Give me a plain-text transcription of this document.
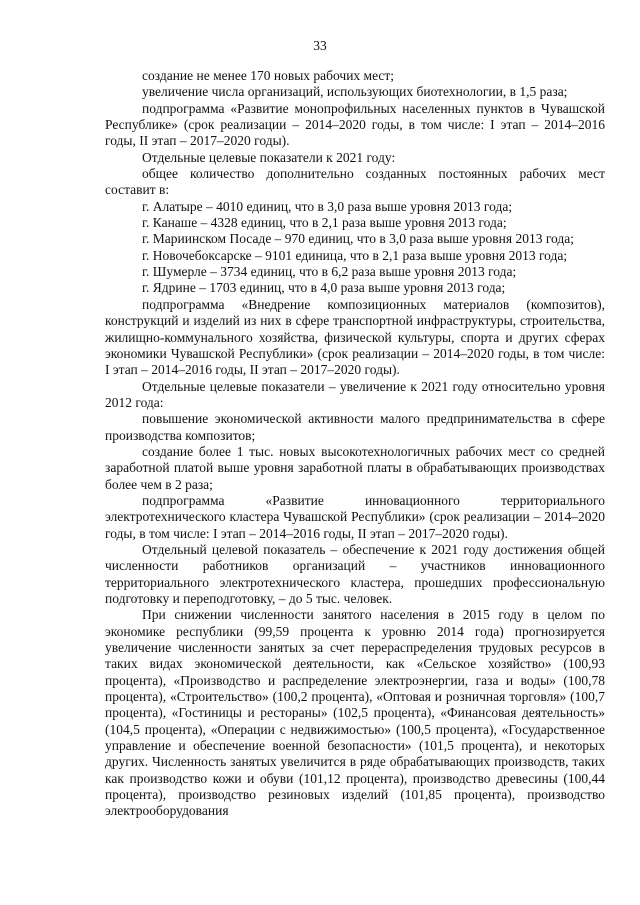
33

создание не менее 170 новых рабочих мест;

увеличение числа организаций, использующих биотехнологии, в 1,5 раза;

подпрограмма «Развитие монопрофильных населенных пунктов в Чувашской Республике» (срок реализации – 2014–2020 годы, в том числе: I этап – 2014–2016 годы, II этап – 2017–2020 годы).

Отдельные целевые показатели к 2021 году:

общее количество дополнительно созданных постоянных рабочих мест составит в:

г. Алатыре – 4010 единиц, что в 3,0 раза выше уровня 2013 года;

г. Канаше – 4328 единиц, что в 2,1 раза выше уровня 2013 года;

г. Мариинском Посаде – 970 единиц, что в 3,0 раза выше уровня 2013 года;

г. Новочебоксарске – 9101 единица, что в 2,1 раза выше уровня 2013 года;

г. Шумерле – 3734 единиц, что в 6,2 раза выше уровня 2013 года;

г. Ядрине – 1703 единиц, что в 4,0 раза выше уровня 2013 года;

подпрограмма «Внедрение композиционных материалов (композитов), конструкций и изделий из них в сфере транспортной инфраструктуры, строительства, жилищно-коммунального хозяйства, физической культуры, спорта и других сферах экономики Чувашской Республики» (срок реализации – 2014–2020 годы, в том числе: I этап – 2014–2016 годы, II этап – 2017–2020 годы).

Отдельные целевые показатели – увеличение к 2021 году относительно уровня 2012 года:

повышение экономической активности малого предпринимательства в сфере производства композитов;

создание более 1 тыс. новых высокотехнологичных рабочих мест со средней заработной платой выше уровня заработной платы в обрабатывающих производствах более чем в 2 раза;

подпрограмма «Развитие инновационного территориального электротехнического кластера Чувашской Республики» (срок реализации – 2014–2020 годы, в том числе: I этап – 2014–2016 годы, II этап – 2017–2020 годы).

Отдельный целевой показатель – обеспечение к 2021 году достижения общей численности работников организаций – участников инновационного территориального электротехнического кластера, прошедших профессиональную подготовку и переподготовку, – до 5 тыс. человек.

При снижении численности занятого населения в 2015 году в целом по экономике республики (99,59 процента к уровню 2014 года) прогнозируется увеличение численности занятых за счет перераспределения трудовых ресурсов в таких видах экономической деятельности, как «Сельское хозяйство» (100,93 процента), «Производство и распределение электроэнергии, газа и воды» (100,78 процента), «Строительство» (100,2 процента), «Оптовая и розничная торговля» (100,7 процента), «Гостиницы и рестораны» (102,5 процента), «Финансовая деятельность» (104,5 процента), «Операции с недвижимостью» (100,5 процента), «Государственное управление и обеспечение военной безопасности» (101,5 процента), и некоторых других. Численность занятых увеличится в ряде обрабатывающих производств, таких как производство кожи и обуви (101,12 процента), производство древесины (100,44 процента), производство резиновых изделий (101,85 процента), производство электрооборудования
